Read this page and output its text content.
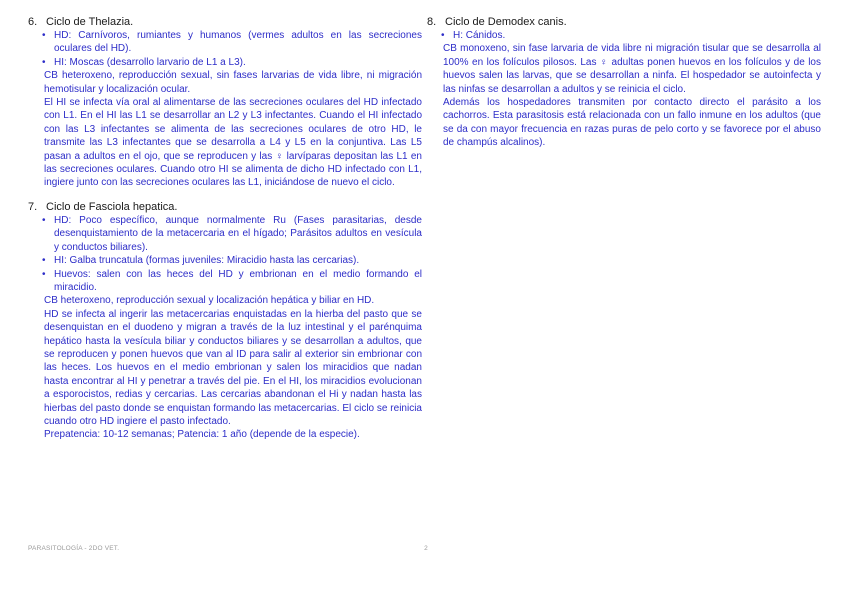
6. Ciclo de Thelazia.
• HD: Carnívoros, rumiantes y humanos (vermes adultos en las secreciones oculares del HD).
• HI: Moscas (desarrollo larvario de L1 a L3).

CB heteroxeno, reproducción sexual, sin fases larvarias de vida libre, ni migración hemotisular y localización ocular.

El HI se infecta vía oral al alimentarse de las secreciones oculares del HD infectado con L1. En el HI las L1 se desarrollar an L2 y L3 infectantes. Cuando el HI infectado con las L3 infectantes se alimenta de las secreciones oculares de otro HD, le transmite las L3 infectantes que se desarrolla a L4 y L5 en la conjuntiva. Las L5 pasan a adultos en el ojo, que se reproducen y las ♀ larvíparas depositan las L1 en las secreciones oculares. Cuando otro HI se alimenta de dicho HD infectado con L1, ingiere junto con las secreciones oculares las L1, iniciándose de nuevo el ciclo.

7. Ciclo de Fasciola hepatica.
• HD: Poco específico, aunque normalmente Ru (Fases parasitarias, desde desenquistamiento de la metacercaria en el hígado; Parásitos adultos en vesícula y conductos biliares).
• HI: Galba truncatula (formas juveniles: Miracidio hasta las cercarias).
• Huevos: salen con las heces del HD y embrionan en el medio formando el miracidio.

CB heteroxeno, reproducción sexual y localización hepática y biliar en HD.

HD se infecta al ingerir las metacercarias enquistadas en la hierba del pasto que se desenquistan en el duodeno y migran a través de la luz intestinal y el parénquima hepático hasta la vesícula biliar y conductos biliares y se desarrollan a adultos, que se reproducen y ponen huevos que van al ID para salir al exterior sin embrionar con las heces. Los huevos en el medio embrionan y salen los miracidios que nadan hasta encontrar al HI y penetrar a través del pie. En el HI, los miracidios evolucionan a esporocistos, redias y cercarias. Las cercarias abandonan el Hi y nadan hasta las hierbas del pasto donde se enquistan formando las metacercarias. El ciclo se reinicia cuando otro HD ingiere el pasto infectado.

Prepatencia: 10-12 semanas; Patencia: 1 año (depende de la especie).

8. Ciclo de Demodex canis.
• H: Cánidos.

CB monoxeno, sin fase larvaria de vida libre ni migración tisular que se desarrolla al 100% en los folículos pilosos. Las ♀ adultas ponen huevos en los folículos y de los huevos salen las larvas, que se desarrollan a ninfa. El hospedador se autoinfecta y las ninfas se desarrollan a adultos y se reinicia el ciclo.

Además los hospedadores transmiten por contacto directo el parásito a los cachorros. Esta parasitosis está relacionada con un fallo inmune en los adultos (que se da con mayor frecuencia en razas puras de pelo corto y se favorece por el abuso de champús alcalinos).

PARASITOLOGÍA - 2DO VET.	2
